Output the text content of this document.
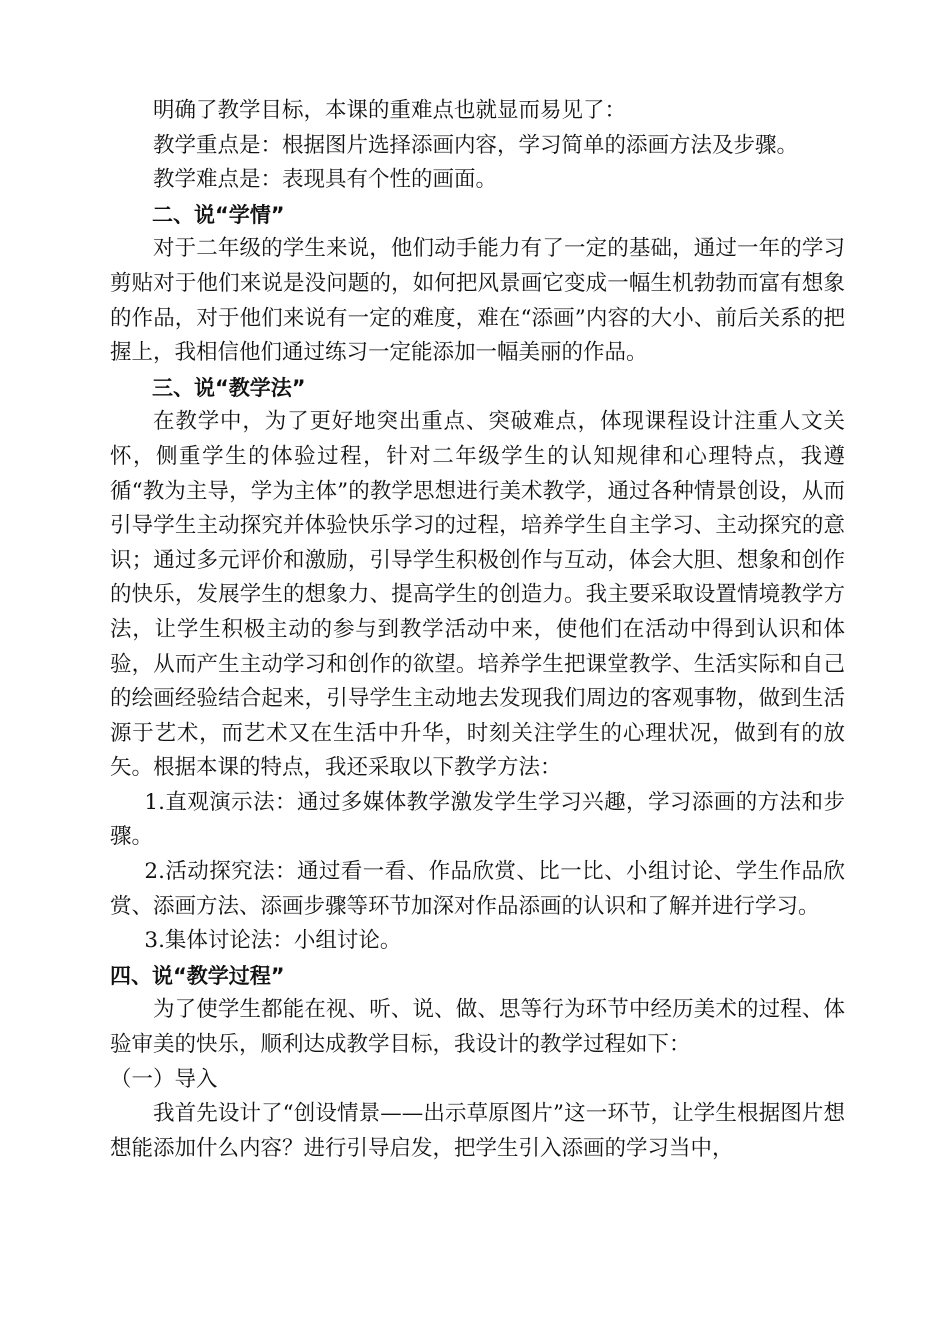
明确了教学目标，本课的重难点也就显而易见了：

教学重点是：根据图片选择添画内容，学习简单的添画方法及步骤。

教学难点是：表现具有个性的画面。

二、说“学情”

对于二年级的学生来说，他们动手能力有了一定的基础，通过一年的学习剪贴对于他们来说是没问题的，如何把风景画它变成一幅生机勃勃而富有想象的作品，对于他们来说有一定的难度，难在“添画”内容的大小、前后关系的把握上，我相信他们通过练习一定能添加一幅美丽的作品。

三、说“教学法”

在教学中，为了更好地突出重点、突破难点，体现课程设计注重人文关怀，侧重学生的体验过程，针对二年级学生的认知规律和心理特点，我遵循“教为主导，学为主体”的教学思想进行美术教学，通过各种情景创设，从而引导学生主动探究并体验快乐学习的过程，培养学生自主学习、主动探究的意识；通过多元评价和激励，引导学生积极创作与互动，体会大胆、想象和创作的快乐，发展学生的想象力、提高学生的创造力。我主要采取设置情境教学方法，让学生积极主动的参与到教学活动中来，使他们在活动中得到认识和体验，从而产生主动学习和创作的欲望。培养学生把课堂教学、生活实际和自己的绘画经验结合起来，引导学生主动地去发现我们周边的客观事物，做到生活源于艺术，而艺术又在生活中升华，时刻关注学生的心理状况，做到有的放矢。根据本课的特点，我还采取以下教学方法：

1.直观演示法：通过多媒体教学激发学生学习兴趣，学习添画的方法和步骤。

2.活动探究法：通过看一看、作品欣赏、比一比、小组讨论、学生作品欣赏、添画方法、添画步骤等环节加深对作品添画的认识和了解并进行学习。

3.集体讨论法：小组讨论。

四、说“教学过程”

为了使学生都能在视、听、说、做、思等行为环节中经历美术的过程、体验审美的快乐，顺利达成教学目标，我设计的教学过程如下：

（一）导入

我首先设计了“创设情景——出示草原图片”这一环节，让学生根据图片想想能添加什么内容？进行引导启发，把学生引入添画的学习当中，
